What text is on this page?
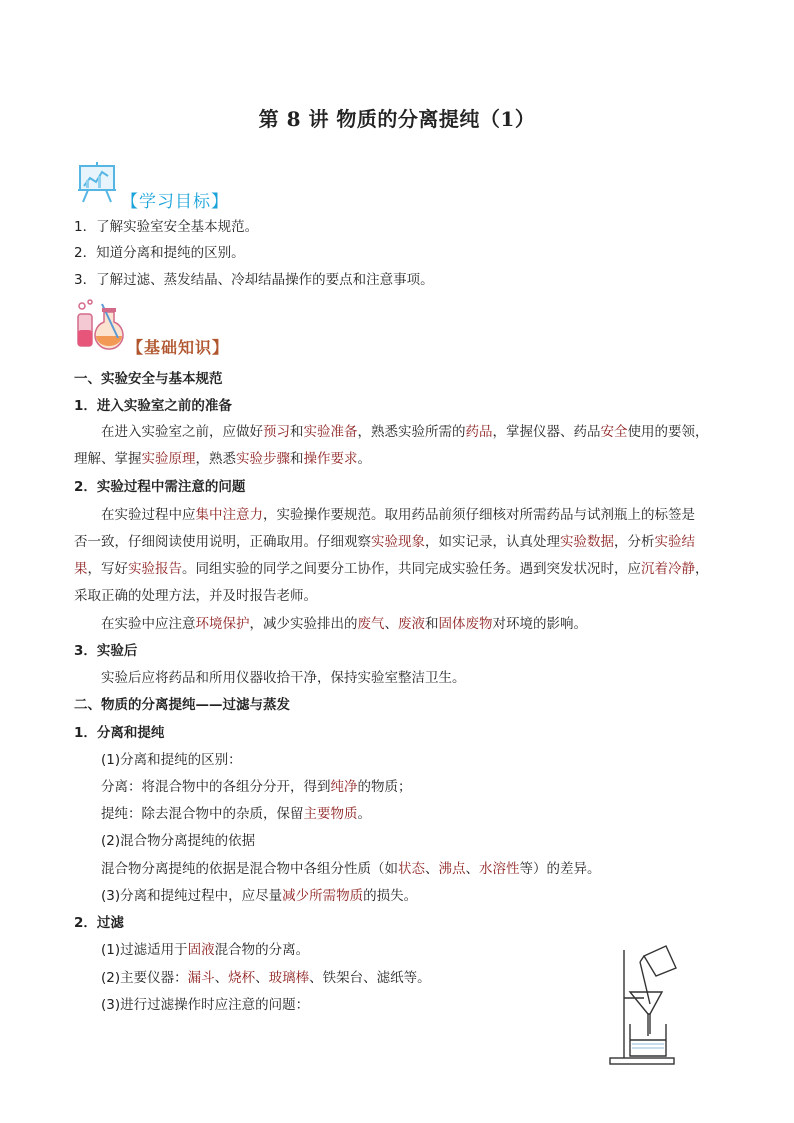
第 8 讲 物质的分离提纯（1）
【学习目标】
1．了解实验室安全基本规范。
2．知道分离和提纯的区别。
3．了解过滤、蒸发结晶、冷却结晶操作的要点和注意事项。
【基础知识】
一、实验安全与基本规范
1．进入实验室之前的准备
在进入实验室之前，应做好预习和实验准备，熟悉实验所需的药品，掌握仪器、药品安全使用的要领，
理解、掌握实验原理，熟悉实验步骤和操作要求。
2．实验过程中需注意的问题
在实验过程中应集中注意力，实验操作要规范。取用药品前须仔细核对所需药品与试剂瓶上的标签是
否一致，仔细阅读使用说明，正确取用。仔细观察实验现象，如实记录，认真处理实验数据，分析实验结
果，写好实验报告。同组实验的同学之间要分工协作，共同完成实验任务。遇到突发状况时，应沉着冷静，
采取正确的处理方法，并及时报告老师。
在实验中应注意环境保护，减少实验排出的废气、废液和固体废物对环境的影响。
3．实验后
实验后应将药品和所用仪器收拾干净，保持实验室整洁卫生。
二、物质的分离提纯——过滤与蒸发
1．分离和提纯
(1)分离和提纯的区别：
分离：将混合物中的各组分分开，得到纯净的物质；
提纯：除去混合物中的杂质，保留主要物质。
(2)混合物分离提纯的依据
混合物分离提纯的依据是混合物中各组分性质（如状态、沸点、水溶性等）的差异。
(3)分离和提纯过程中，应尽量减少所需物质的损失。
2．过滤
(1)过滤适用于固液混合物的分离。
(2)主要仪器：漏斗、烧杯、玻璃棒、铁架台、滤纸等。
(3)进行过滤操作时应注意的问题：
